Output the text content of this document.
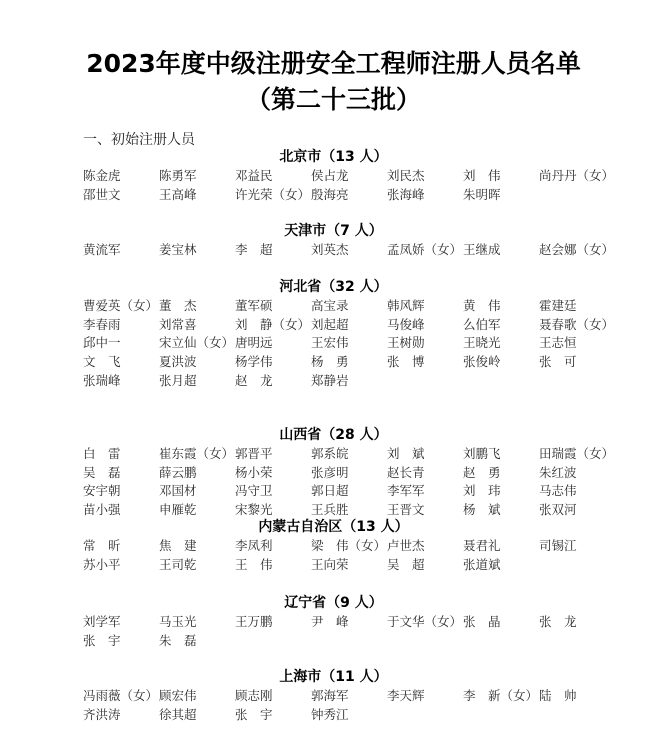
2023年度中级注册安全工程师注册人员名单
（第二十三批）
一、初始注册人员
北京市（13 人）
陈金虎	陈勇军	邓益民	侯占龙	刘民杰	刘　伟	尚丹丹（女）
邵世文	王高峰	许光荣（女） 殷海亮	张海峰	朱明晖
天津市（7 人）
黄流军	姜宝林	李　超	刘英杰	孟凤娇（女） 王继成	赵会娜（女）
河北省（32 人）
曹爱英（女） 董　杰	董军硕	高宝录	韩风辉	黄　伟	霍建廷
李春雨	刘常喜	刘　静（女） 刘起超	马俊峰	么伯军	聂春歌（女）
邱中一	宋立仙（女） 唐明远	王宏伟	王树勋	王晓光	王志恒
文　飞	夏洪波	杨学伟	杨　勇	张　博	张俊岭	张　可
张瑞峰	张月超	赵　龙	郑静岩
山西省（28 人）
白　雷	崔东霞（女） 郭晋平	郭系皖	刘　斌	刘鹏飞	田瑞霞（女）
吴　磊	薛云鹏	杨小荣	张彦明	赵长青	赵　勇	朱红波
安宇朝	邓国材	冯守卫	郭日超	李军军	刘　玮	马志伟
苗小强	申雁乾	宋黎光	王兵胜	王晋文	杨　斌	张双河
内蒙古自治区（13 人）
常　昕	焦　建	李凤利	梁　伟（女） 卢世杰	聂君礼	司锡江
苏小平	王司乾	王　伟	王向荣	吴　超	张道斌
辽宁省（9 人）
刘学军	马玉光	王万鹏	尹　峰	于文华（女） 张　晶	张　龙
张　宇	朱　磊
上海市（11 人）
冯雨薇（女） 顾宏伟	顾志刚	郭海军	李天辉	李　新（女） 陆　帅
齐洪涛	徐其超	张　宇	钟秀江
